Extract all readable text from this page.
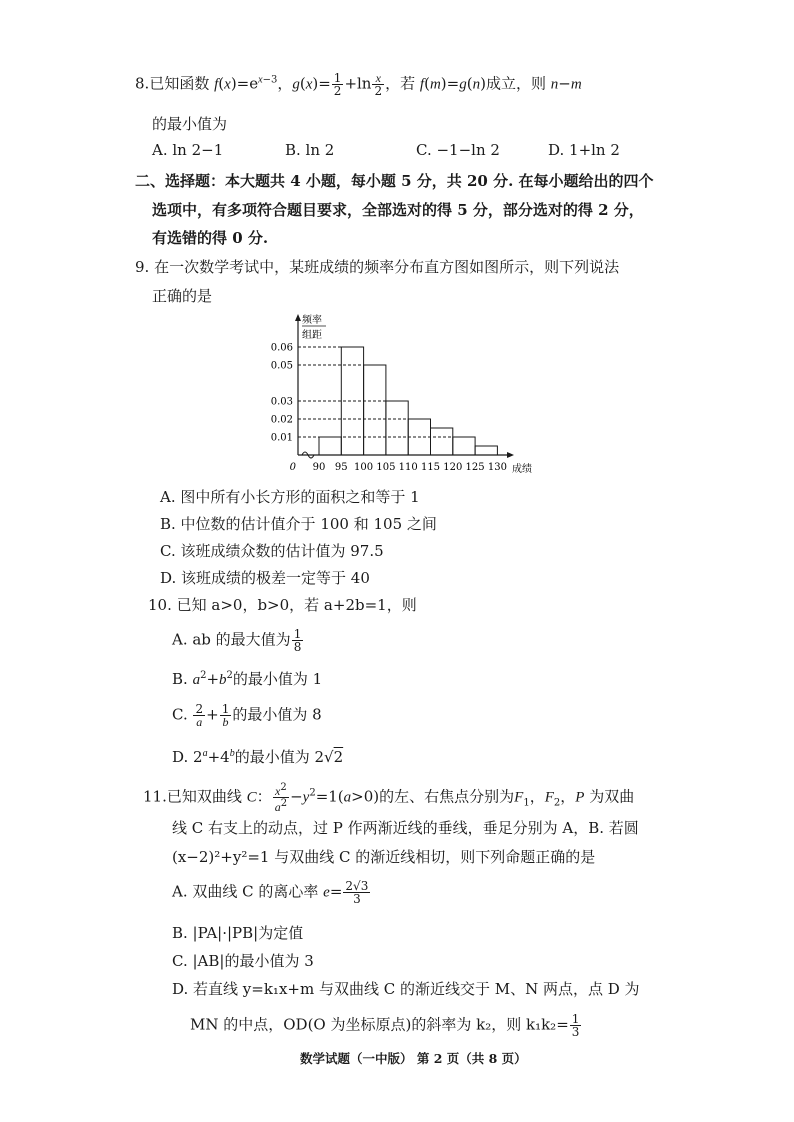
8.已知函数 $f(x)=e^{x-3}$，$g(x)= \frac{1}{2} +\ln \frac{x}{2}$ ，若 f(m)=g(n)成立，则 n−m
的最小值为
A. ln 2−1	B. ln 2	C. −1−ln 2	D. 1+ln 2
二、选择题：本大题共 4 小题，每小题 5 分，共 20 分. 在每小题给出的四个
选项中，有多项符合题目要求，全部选对的得 5 分，部分选对的得 2 分，
有选错的得 0 分.
9. 在一次数学考试中，某班成绩的频率分布直方图如图所示，则下列说法
正确的是
频率
组距
0.06
0.05
0.03
0.02
0.01
90 95 100 105 110 115 120 125 130
0	成绩
A. 图中所有小长方形的面积之和等于 1
B. 中位数的估计值介于 100 和 105 之间
C. 该班成绩众数的估计值为 97.5
D. 该班成绩的极差一定等于 40
10. 已知 a>0，b>0，若 a+2b=1，则
A. ab 的最大值为 $\frac{1}{8}$
B. $a^2+b^2$的最小值为 1
C. $\frac{2}{a} + \frac{1}{b}$ 的最小值为 8
D. $2^a+4^b$的最小值为 2√2
11.已知双曲线 C： $\frac{x^2}{a^2} -y^2=1(a>0)$的左、右焦点分别为$F_1$，$F_2$，P 为双曲
线 C 右支上的动点，过 P 作两渐近线的垂线，垂足分别为 A，B. 若圆
(x−2)²+y²=1 与双曲线 C 的渐近线相切，则下列命题正确的是
A. 双曲线 C 的离心率 $e= \frac{2√3}{3}$
B. |PA|·|PB|为定值
C. |AB|的最小值为 3
D. 若直线 y=k₁x+m 与双曲线 C 的渐近线交于 M、N 两点，点 D 为
MN 的中点，OD(O 为坐标原点)的斜率为 k₂，则 $k_1k_2= \frac{1}{3}$
数学试题（一中版） 第 2 页（共 8 页）
